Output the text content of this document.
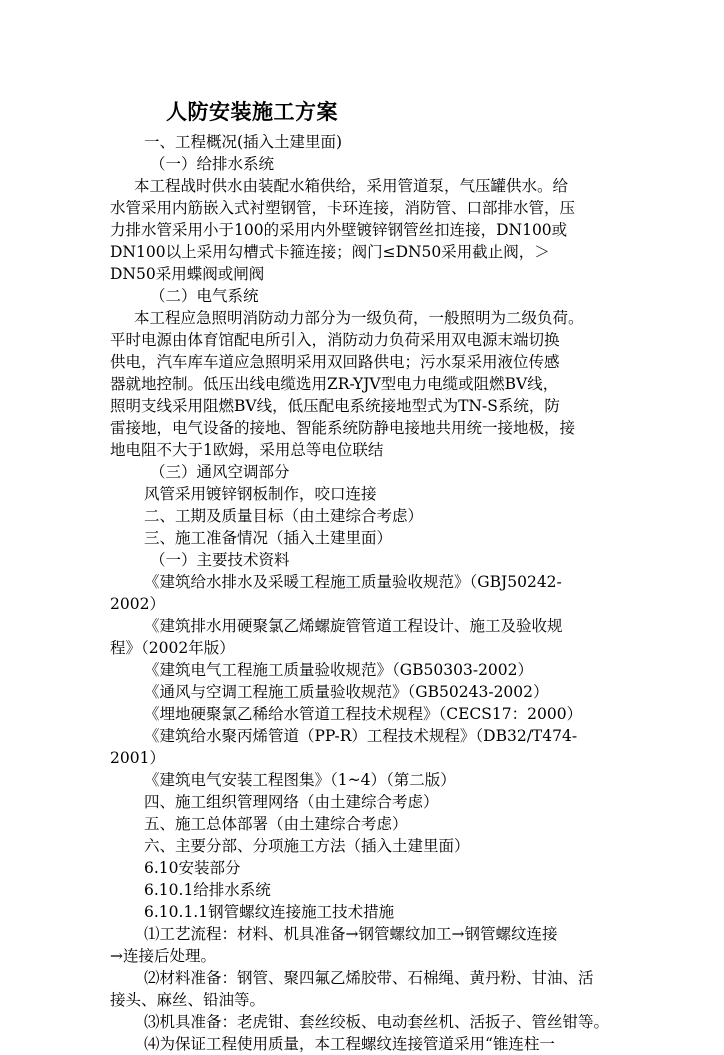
人防安装施工方案
一、工程概况(插入土建里面)
（一）给排水系统
本工程战时供水由装配水箱供给，采用管道泵，气压罐供水。给
水管采用内筋嵌入式衬塑钢管，卡环连接，消防管、口部排水管，压
力排水管采用小于100的采用内外壁镀锌钢管丝扣连接，DN100或
DN100以上采用勾槽式卡箍连接；阀门≤DN50采用截止阀，＞
DN50采用蝶阀或闸阀
（二）电气系统
本工程应急照明消防动力部分为一级负荷，一般照明为二级负荷。
平时电源由体育馆配电所引入，消防动力负荷采用双电源末端切换
供电，汽车库车道应急照明采用双回路供电；污水泵采用液位传感
器就地控制。低压出线电缆选用ZR-YJV型电力电缆或阻燃BV线，
照明支线采用阻燃BV线，低压配电系统接地型式为TN-S系统，防
雷接地，电气设备的接地、智能系统防静电接地共用统一接地极，接
地电阻不大于1欧姆，采用总等电位联结
（三）通风空调部分
风管采用镀锌钢板制作，咬口连接
二、工期及质量目标（由土建综合考虑）
三、施工准备情况（插入土建里面）
（一）主要技术资料
《建筑给水排水及采暖工程施工质量验收规范》（GBJ50242-
2002）
《建筑排水用硬聚氯乙烯螺旋管管道工程设计、施工及验收规
程》（2002年版）
《建筑电气工程施工质量验收规范》（GB50303-2002）
《通风与空调工程施工质量验收规范》（GB50243-2002）
《埋地硬聚氯乙稀给水管道工程技术规程》（CECS17：2000）
《建筑给水聚丙烯管道（PP-R）工程技术规程》（DB32/T474-
2001）
《建筑电气安装工程图集》（1~4）（第二版）
四、施工组织管理网络（由土建综合考虑）
五、施工总体部署（由土建综合考虑）
六、主要分部、分项施工方法（插入土建里面）
6.10安装部分
6.10.1给排水系统
6.10.1.1钢管螺纹连接施工技术措施
⑴工艺流程：材料、机具准备→钢管螺纹加工→钢管螺纹连接
→连接后处理。
⑵材料准备：钢管、聚四氟乙烯胶带、石棉绳、黄丹粉、甘油、活
接头、麻丝、铅油等。
⑶机具准备：老虎钳、套丝绞板、电动套丝机、活扳子、管丝钳等。
⑷为保证工程使用质量，本工程螺纹连接管道采用“锥连柱一
